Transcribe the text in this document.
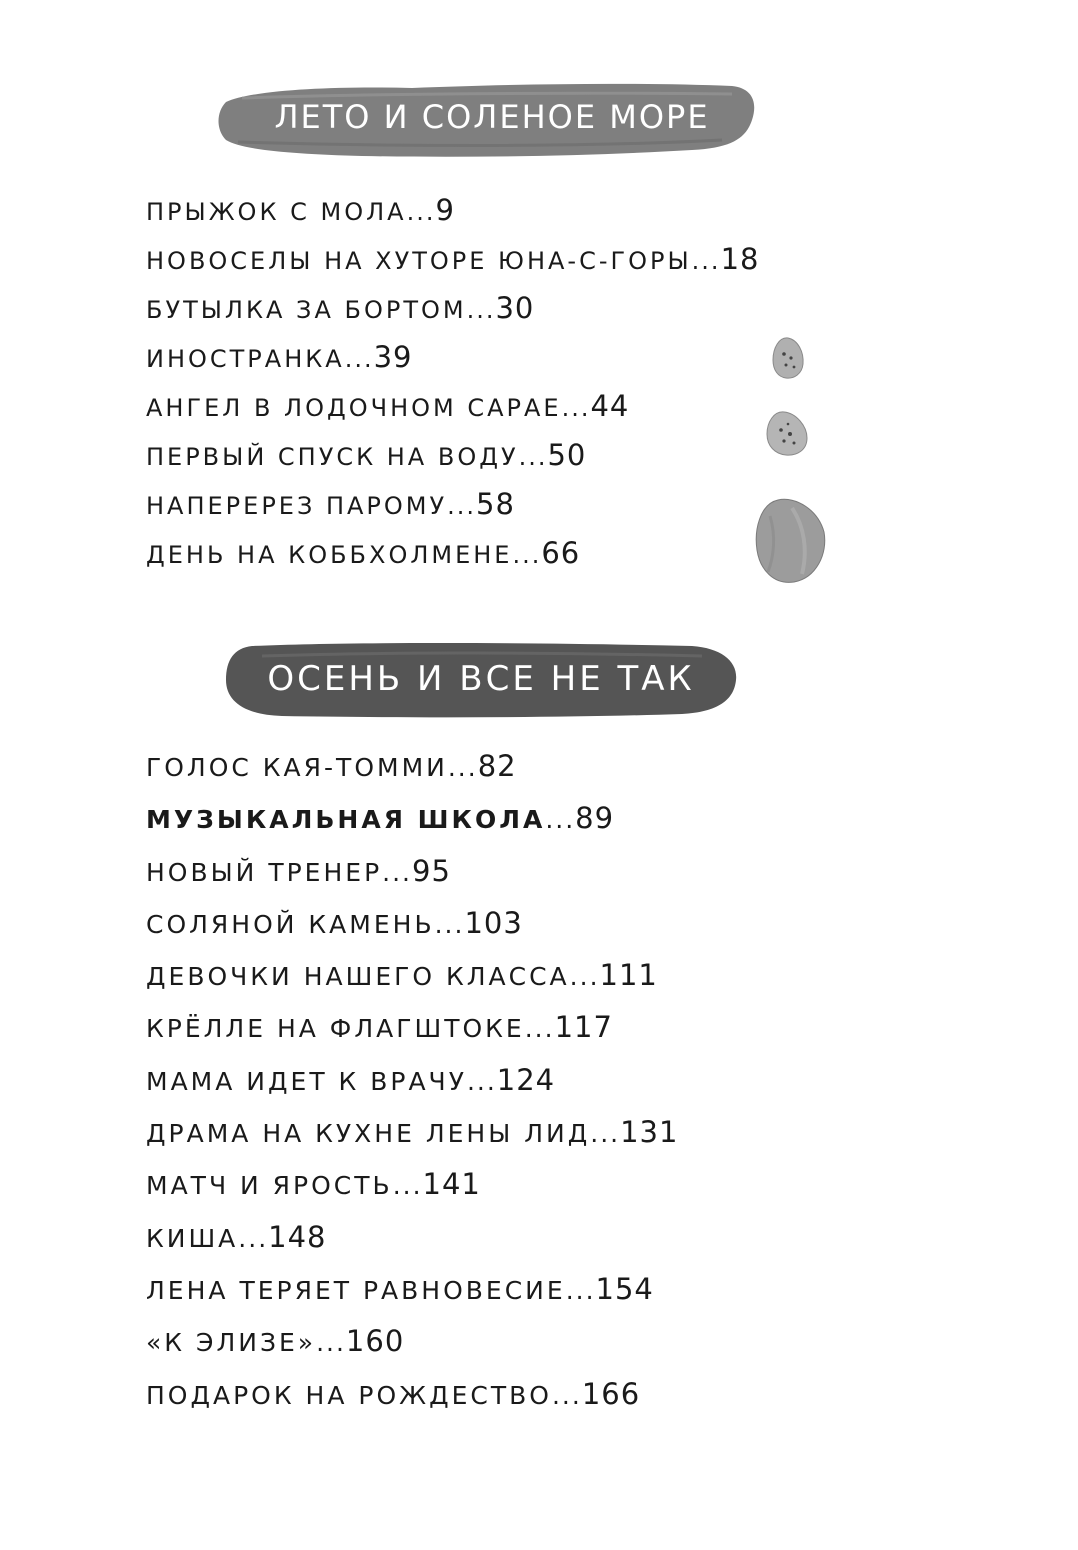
ЛЕТО И СОЛЕНОЕ МОРЕ
ПРЫЖОК С МОЛА...9
НОВОСЕЛЫ НА ХУТОРЕ ЮНА-С-ГОРЫ...18
БУТЫЛКА ЗА БОРТОМ...30
ИНОСТРАНКА...39
АНГЕЛ В ЛОДОЧНОМ САРАЕ...44
ПЕРВЫЙ СПУСК НА ВОДУ...50
НАПЕРЕРЕЗ ПАРОМУ...58
ДЕНЬ НА КОББХОЛМЕНЕ...66
ОСЕНЬ И ВСЕ НЕ ТАК
ГОЛОС КАЯ-ТОММИ...82
МУЗЫКАЛЬНАЯ ШКОЛА...89
НОВЫЙ ТРЕНЕР...95
СОЛЯНОЙ КАМЕНЬ...103
ДЕВОЧКИ НАШЕГО КЛАССА...111
КРЁЛЛЕ НА ФЛАГШТОКЕ...117
МАМА ИДЕТ К ВРАЧУ...124
ДРАМА НА КУХНЕ ЛЕНЫ ЛИД...131
МАТЧ И ЯРОСТЬ...141
КИША...148
ЛЕНА ТЕРЯЕТ РАВНОВЕСИЕ...154
«К ЭЛИЗЕ»...160
ПОДАРОК НА РОЖДЕСТВО...166
